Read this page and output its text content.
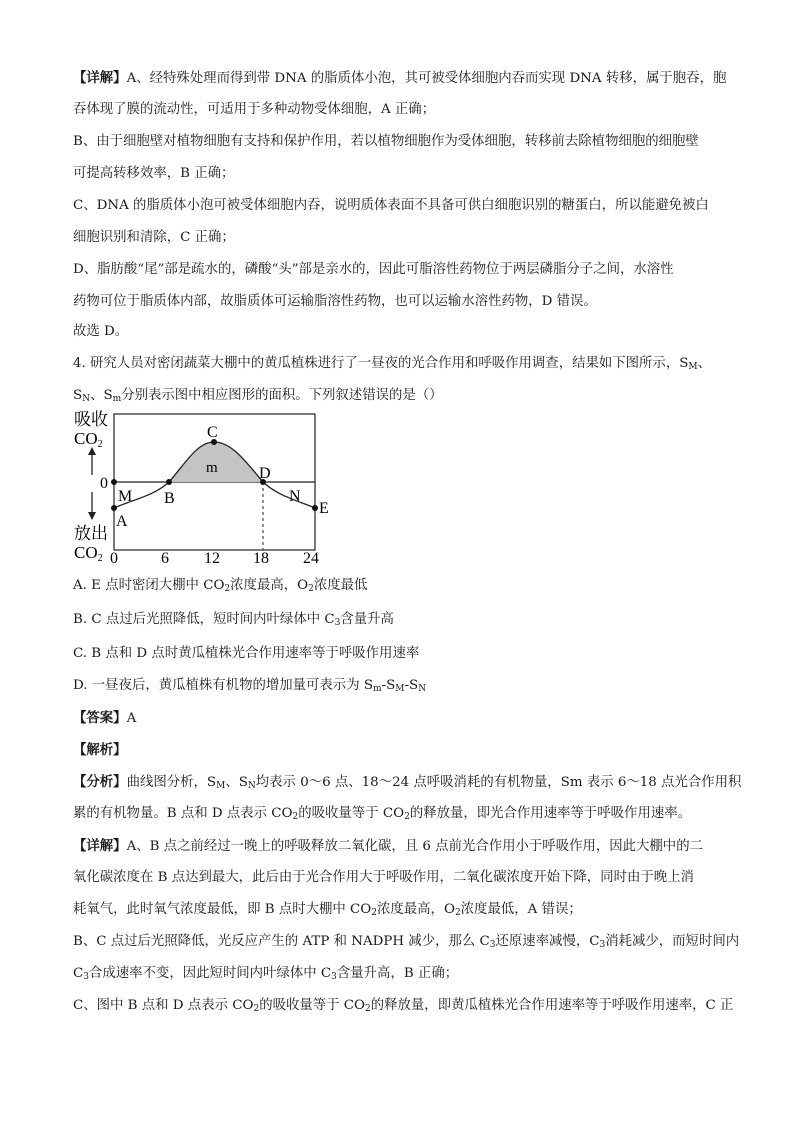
【详解】A、经特殊处理而得到带 DNA 的脂质体小泡，其可被受体细胞内吞而实现 DNA 转移，属于胞吞，胞
吞体现了膜的流动性，可适用于多种动物受体细胞，A 正确；
B、由于细胞壁对植物细胞有支持和保护作用，若以植物细胞作为受体细胞，转移前去除植物细胞的细胞壁
可提高转移效率，B 正确；
C、DNA 的脂质体小泡可被受体细胞内吞，说明质体表面不具备可供白细胞识别的糖蛋白，所以能避免被白
细胞识别和清除，C 正确；
D、脂肪酸“尾”部是疏水的，磷酸“头”部是亲水的，因此可脂溶性药物位于两层磷脂分子之间，水溶性
药物可位于脂质体内部，故脂质体可运输脂溶性药物，也可以运输水溶性药物，D 错误。
故选 D。
4. 研究人员对密闭蔬菜大棚中的黄瓜植株进行了一昼夜的光合作用和呼吸作用调查，结果如下图所示，$S_M$、
$S_N$、$S_m$分别表示图中相应图形的面积。下列叙述错误的是（）
A. E 点时密闭大棚中 $CO_2$浓度最高，$O_2$浓度最低
B. C 点过后光照降低，短时间内叶绿体中 $C_3$含量升高
C. B 点和 D 点时黄瓜植株光合作用速率等于呼吸作用速率
D. 一昼夜后，黄瓜植株有机物的增加量可表示为 $S_m-S_M-S_N$
【答案】A
【解析】
【分析】曲线图分析，$S_M$、$S_N$均表示 0～6 点、18～24 点呼吸消耗的有机物量，Sm 表示 6～18 点光合作用积
累的有机物量。B 点和 D 点表示 $CO_2$的吸收量等于 $CO_2$的释放量，即光合作用速率等于呼吸作用速率。
【详解】A、B 点之前经过一晚上的呼吸释放二氧化碳，且 6 点前光合作用小于呼吸作用，因此大棚中的二
氧化碳浓度在 B 点达到最大，此后由于光合作用大于呼吸作用，二氧化碳浓度开始下降，同时由于晚上消
耗氧气，此时氧气浓度最低，即 B 点时大棚中 $CO_2$浓度最高，$O_2$浓度最低，A 错误；
B、C 点过后光照降低，光反应产生的 ATP 和 NADPH 减少，那么 $C_3$还原速率减慢，$C_3$消耗减少，而短时间内
$C_3$合成速率不变，因此短时间内叶绿体中 $C_3$含量升高，B 正确；
C、图中 B 点和 D 点表示 $CO_2$的吸收量等于 $CO_2$的释放量，即黄瓜植株光合作用速率等于呼吸作用速率，C 正
吸收
CO2
0
放出
CO2 0	6 12 18 24
A
M B
C
m	D
N
E
